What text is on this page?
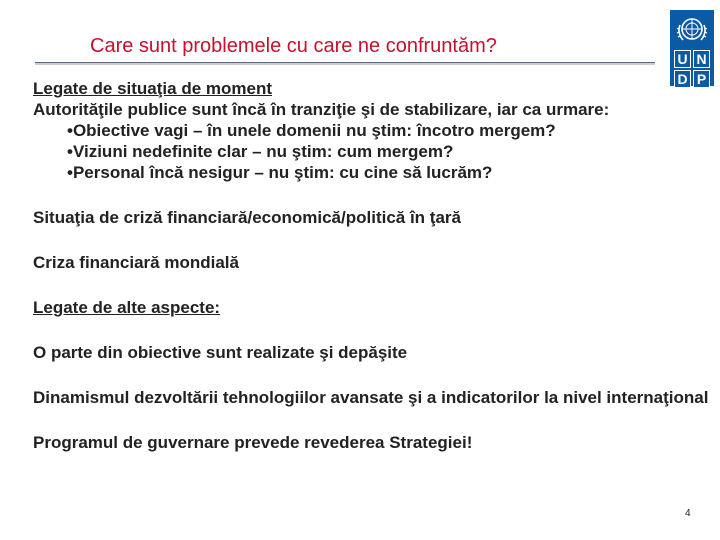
Care sunt problemele cu care ne confruntăm?
U N
D P
Legate de situaţia de moment
Autorităţile publice sunt încă în tranziţie şi de stabilizare, iar ca urmare:
•Obiective vagi – în unele domenii nu ştim: încotro mergem?
•Viziuni nedefinite clar – nu ştim: cum mergem?
•Personal încă nesigur – nu ştim: cu cine să lucrăm?
Situaţia de criză financiară/economică/politică în ţară
Criza financiară mondială
Legate de alte aspecte:
O parte din obiective sunt realizate şi depăşite
Dinamismul dezvoltării tehnologiilor avansate şi a indicatorilor la nivel internaţional
Programul de guvernare prevede revederea Strategiei!
4
